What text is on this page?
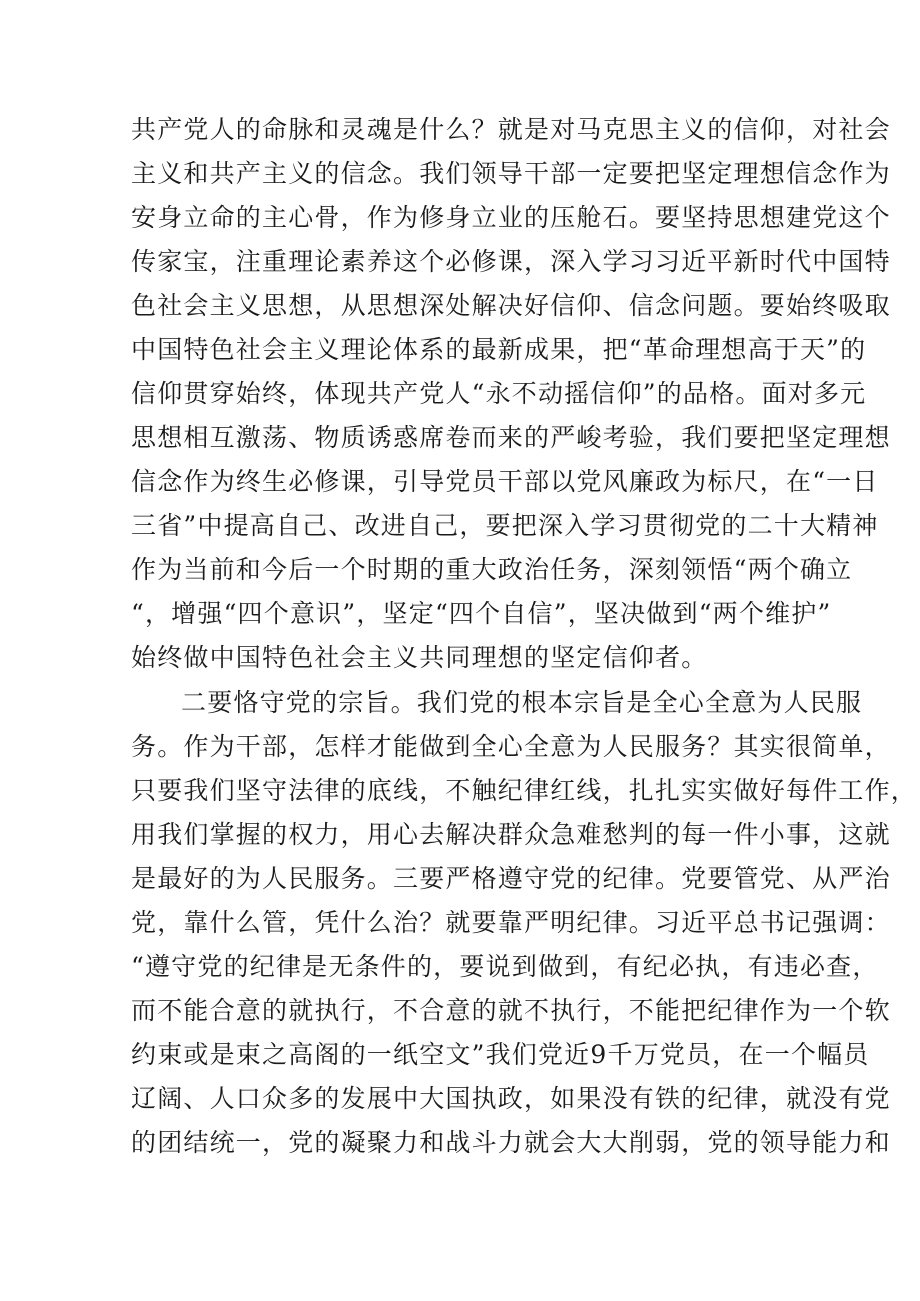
共产党人的命脉和灵魂是什么？就是对马克思主义的信仰，对社会
主义和共产主义的信念。我们领导干部一定要把坚定理想信念作为
安身立命的主心骨，作为修身立业的压舱石。要坚持思想建党这个
传家宝，注重理论素养这个必修课，深入学习习近平新时代中国特
色社会主义思想，从思想深处解决好信仰、信念问题。要始终吸取
中国特色社会主义理论体系的最新成果，把“革命理想高于天”的
信仰贯穿始终，体现共产党人“永不动摇信仰”的品格。面对多元
思想相互激荡、物质诱惑席卷而来的严峻考验，我们要把坚定理想
信念作为终生必修课，引导党员干部以党风廉政为标尺，在“一日
三省”中提高自己、改进自己，要把深入学习贯彻党的二十大精神
作为当前和今后一个时期的重大政治任务，深刻领悟“两个确立
“，增强“四个意识”，坚定“四个自信”，坚决做到“两个维护”
始终做中国特色社会主义共同理想的坚定信仰者。
二要恪守党的宗旨。我们党的根本宗旨是全心全意为人民服
务。作为干部，怎样才能做到全心全意为人民服务？其实很简单，
只要我们坚守法律的底线，不触纪律红线，扎扎实实做好每件工作，
用我们掌握的权力，用心去解决群众急难愁判的每一件小事，这就
是最好的为人民服务。三要严格遵守党的纪律。党要管党、从严治
党，靠什么管，凭什么治？就要靠严明纪律。习近平总书记强调：
“遵守党的纪律是无条件的，要说到做到，有纪必执，有违必查，
而不能合意的就执行，不合意的就不执行，不能把纪律作为一个软
约束或是束之高阁的一纸空文”我们党近9千万党员，在一个幅员
辽阔、人口众多的发展中大国执政，如果没有铁的纪律，就没有党
的团结统一，党的凝聚力和战斗力就会大大削弱，党的领导能力和
